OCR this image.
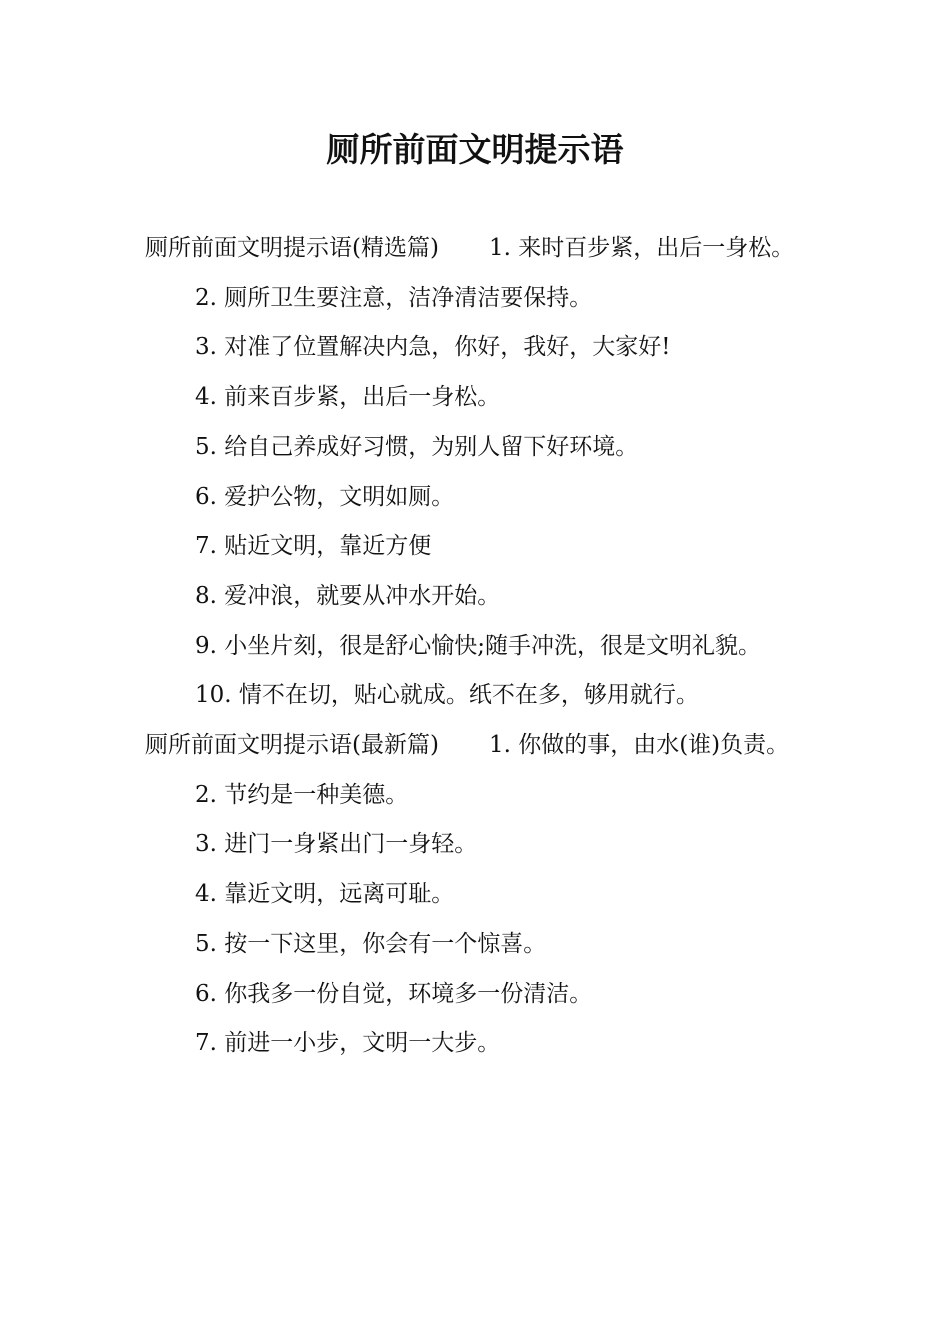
厕所前面文明提示语

厕所前面文明提示语(精选篇) 1. 来时百步紧，出后一身松。

2. 厕所卫生要注意，洁净清洁要保持。

3. 对准了位置解决内急，你好，我好，大家好!

4. 前来百步紧，出后一身松。

5. 给自己养成好习惯，为别人留下好环境。

6. 爱护公物，文明如厕。

7. 贴近文明，靠近方便

8. 爱冲浪，就要从冲水开始。

9. 小坐片刻，很是舒心愉快;随手冲洗，很是文明礼貌。

10. 情不在切，贴心就成。纸不在多，够用就行。

厕所前面文明提示语(最新篇) 1. 你做的事，由水(谁)负责。

2. 节约是一种美德。

3. 进门一身紧出门一身轻。

4. 靠近文明，远离可耻。

5. 按一下这里，你会有一个惊喜。

6. 你我多一份自觉，环境多一份清洁。

7. 前进一小步，文明一大步。
